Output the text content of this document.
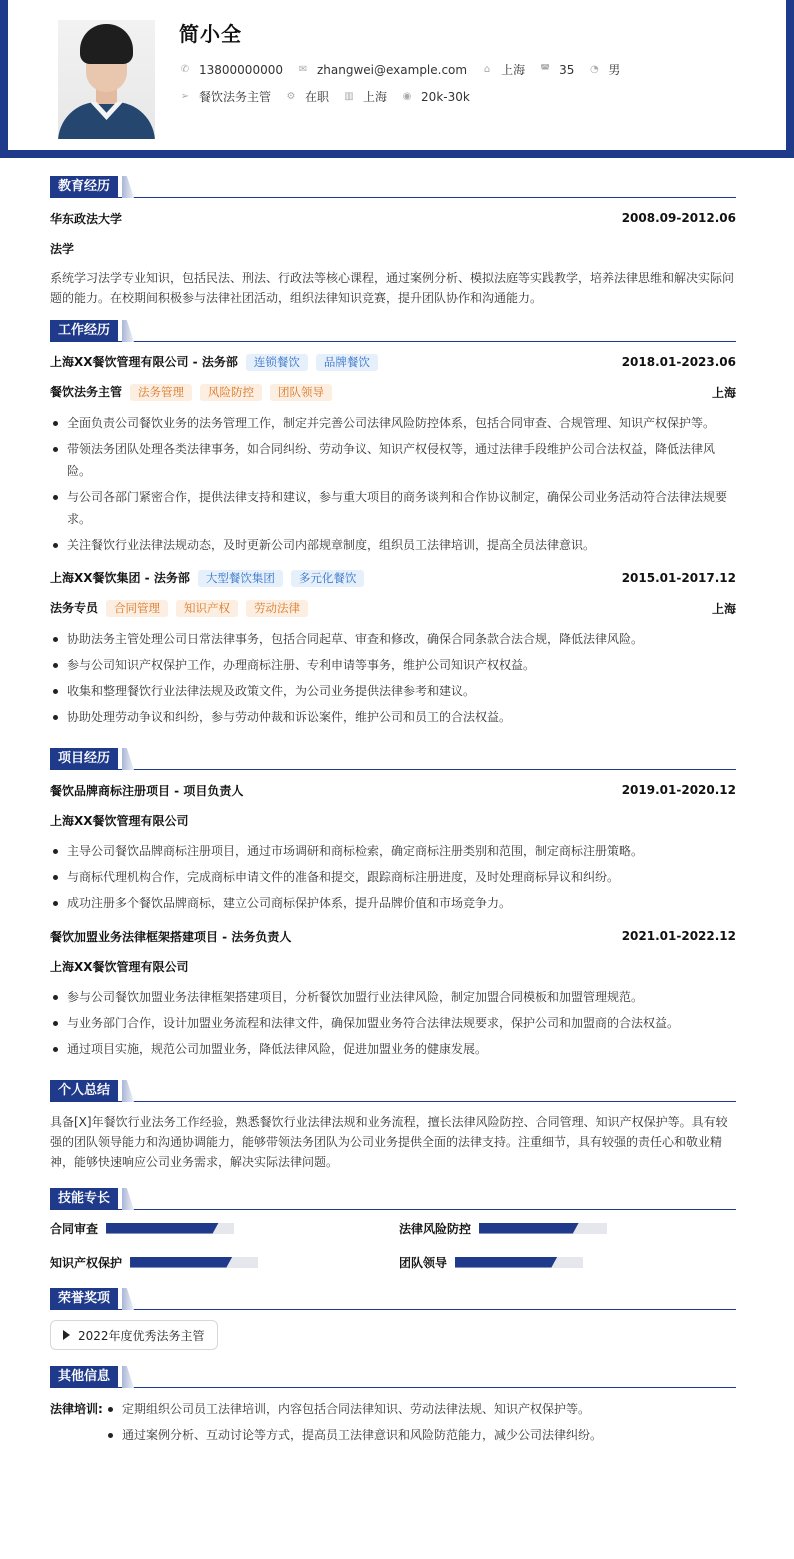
简小全
✆ 13800000000 ✉ zhangwei@example.com ⌂ 上海 ◚ 35 ◔ 男
➢ 餐饮法务主管 ⚙ 在职 ▥ 上海 ◉ 20k-30k
教育经历
华东政法大学	2008.09-2012.06
法学
系统学习法学专业知识，包括民法、刑法、行政法等核心课程，通过案例分析、模拟法庭等实践教学，培养法律思维和解决实际问题的能力。在校期间积极参与法律社团活动，组织法律知识竞赛，提升团队协作和沟通能力。
工作经历
上海XX餐饮管理有限公司 - 法务部 连锁餐饮 品牌餐饮	2018.01-2023.06
餐饮法务主管 法务管理 风险防控 团队领导	上海
全面负责公司餐饮业务的法务管理工作，制定并完善公司法律风险防控体系，包括合同审查、合规管理、知识产权保护等。
带领法务团队处理各类法律事务，如合同纠纷、劳动争议、知识产权侵权等，通过法律手段维护公司合法权益，降低法律风险。
与公司各部门紧密合作，提供法律支持和建议，参与重大项目的商务谈判和合作协议制定，确保公司业务活动符合法律法规要求。
关注餐饮行业法律法规动态，及时更新公司内部规章制度，组织员工法律培训，提高全员法律意识。
上海XX餐饮集团 - 法务部 大型餐饮集团 多元化餐饮	2015.01-2017.12
法务专员 合同管理 知识产权 劳动法律	上海
协助法务主管处理公司日常法律事务，包括合同起草、审查和修改，确保合同条款合法合规，降低法律风险。
参与公司知识产权保护工作，办理商标注册、专利申请等事务，维护公司知识产权权益。
收集和整理餐饮行业法律法规及政策文件，为公司业务提供法律参考和建议。
协助处理劳动争议和纠纷，参与劳动仲裁和诉讼案件，维护公司和员工的合法权益。
项目经历
餐饮品牌商标注册项目 - 项目负责人	2019.01-2020.12
上海XX餐饮管理有限公司
主导公司餐饮品牌商标注册项目，通过市场调研和商标检索，确定商标注册类别和范围，制定商标注册策略。
与商标代理机构合作，完成商标申请文件的准备和提交，跟踪商标注册进度，及时处理商标异议和纠纷。
成功注册多个餐饮品牌商标，建立公司商标保护体系，提升品牌价值和市场竞争力。
餐饮加盟业务法律框架搭建项目 - 法务负责人	2021.01-2022.12
上海XX餐饮管理有限公司
参与公司餐饮加盟业务法律框架搭建项目，分析餐饮加盟行业法律风险，制定加盟合同模板和加盟管理规范。
与业务部门合作，设计加盟业务流程和法律文件，确保加盟业务符合法律法规要求，保护公司和加盟商的合法权益。
通过项目实施，规范公司加盟业务，降低法律风险，促进加盟业务的健康发展。
个人总结
具备[X]年餐饮行业法务工作经验，熟悉餐饮行业法律法规和业务流程，擅长法律风险防控、合同管理、知识产权保护等。具有较强的团队领导能力和沟通协调能力，能够带领法务团队为公司业务提供全面的法律支持。注重细节，具有较强的责任心和敬业精神，能够快速响应公司业务需求，解决实际法律问题。
技能专长
合同审查	法律风险防控
知识产权保护	团队领导
荣誉奖项
2022年度优秀法务主管
其他信息
法律培训:	定期组织公司员工法律培训，内容包括合同法律知识、劳动法律法规、知识产权保护等。
通过案例分析、互动讨论等方式，提高员工法律意识和风险防范能力，减少公司法律纠纷。
